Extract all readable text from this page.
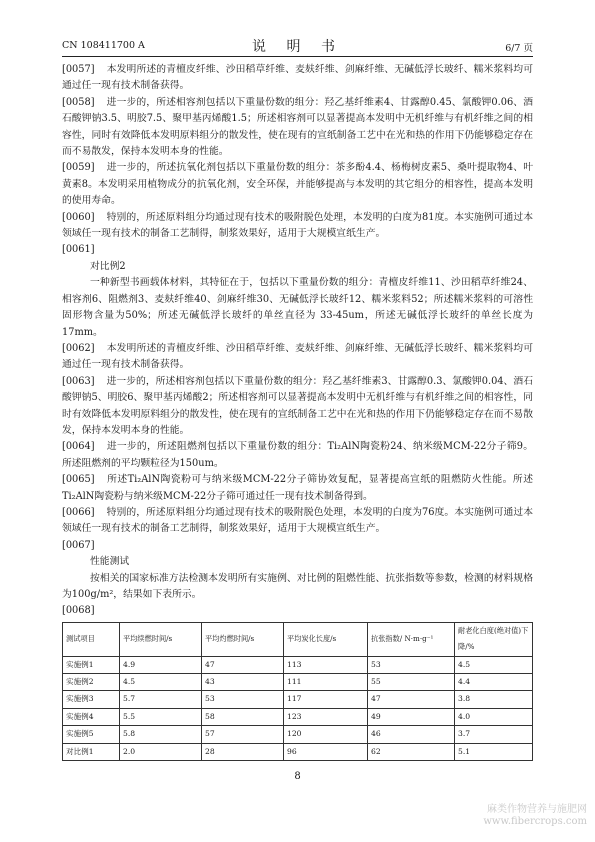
CN 108411700 A	说 明 书	6/7 页

[0057] 本发明所述的青檀皮纤维、沙田稻草纤维、麦麸纤维、剑麻纤维、无碱低浮长玻纤、糯米浆料均可通过任一现有技术制备获得。

[0058] 进一步的，所述相容剂包括以下重量份数的组分：羟乙基纤维素4、甘露醇0.45、氯酸钾0.06、酒石酸钾钠3.5、明胶7.5、聚甲基丙烯酸1.5；所述相容剂可以显著提高本发明中无机纤维与有机纤维之间的相容性，同时有效降低本发明原料组分的散发性，使在现有的宣纸制备工艺中在光和热的作用下仍能够稳定存在而不易散发，保持本发明本身的性能。

[0059] 进一步的，所述抗氧化剂包括以下重量份数的组分：茶多酚4.4、杨梅树皮素5、桑叶提取物4、叶黄素8。本发明采用植物成分的抗氧化剂，安全环保，并能够提高与本发明的其它组分的相容性，提高本发明的使用寿命。

[0060] 特别的，所述原料组分均通过现有技术的吸附脱色处理，本发明的白度为81度。本实施例可通过本领域任一现有技术的制备工艺制得，制浆效果好，适用于大规模宣纸生产。

[0061]

对比例2

一种新型书画载体材料，其特征在于，包括以下重量份数的组分：青檀皮纤维11、沙田稻草纤维24、相容剂6、阻燃剂3、麦麸纤维40、剑麻纤维30、无碱低浮长玻纤12、糯米浆料52；所述糯米浆料的可溶性固形物含量为50%；所述无碱低浮长玻纤的单丝直径为 33-45um，所述无碱低浮长玻纤的单丝长度为17mm。

[0062] 本发明所述的青檀皮纤维、沙田稻草纤维、麦麸纤维、剑麻纤维、无碱低浮长玻纤、糯米浆料均可通过任一现有技术制备获得。

[0063] 进一步的，所述相容剂包括以下重量份数的组分：羟乙基纤维素3、甘露醇0.3、氯酸钾0.04、酒石酸钾钠5、明胶6、聚甲基丙烯酸2；所述相容剂可以显著提高本发明中无机纤维与有机纤维之间的相容性，同时有效降低本发明原料组分的散发性，使在现有的宣纸制备工艺中在光和热的作用下仍能够稳定存在而不易散发，保持本发明本身的性能。

[0064] 进一步的，所述阻燃剂包括以下重量份数的组分：Ti₂AlN陶瓷粉24、纳米级MCM-22分子筛9。所述阻燃剂的平均颗粒径为150um。

[0065] 所述Ti₂AlN陶瓷粉可与纳米级MCM-22分子筛协效复配，显著提高宣纸的阻燃防火性能。所述Ti₂AlN陶瓷粉与纳米级MCM-22分子筛可通过任一现有技术制备得到。

[0066] 特别的，所述原料组分均通过现有技术的吸附脱色处理，本发明的白度为76度。本实施例可通过本领域任一现有技术的制备工艺制得，制浆效果好，适用于大规模宣纸生产。

[0067]

性能测试

按相关的国家标准方法检测本发明所有实施例、对比例的阻燃性能、抗张指数等参数，检测的材料规格为100g/m²，结果如下表所示。

[0068]

测试项目	平均续燃时间/s	平均灼燃时间/s	平均炭化长度/s	抗张指数/ N·m·g⁻¹	耐老化白度(绝对值)下降/%
实施例1	4.9	47	113	53	4.5
实施例2	4.5	43	111	55	4.4
实施例3	5.7	53	117	47	3.8
实施例4	5.5	58	123	49	4.0
实施例5	5.8	57	120	46	3.7
对比例1	2.0	28	96	62	5.1
8
麻类作物营养与施肥网
www.fibercrops.com
